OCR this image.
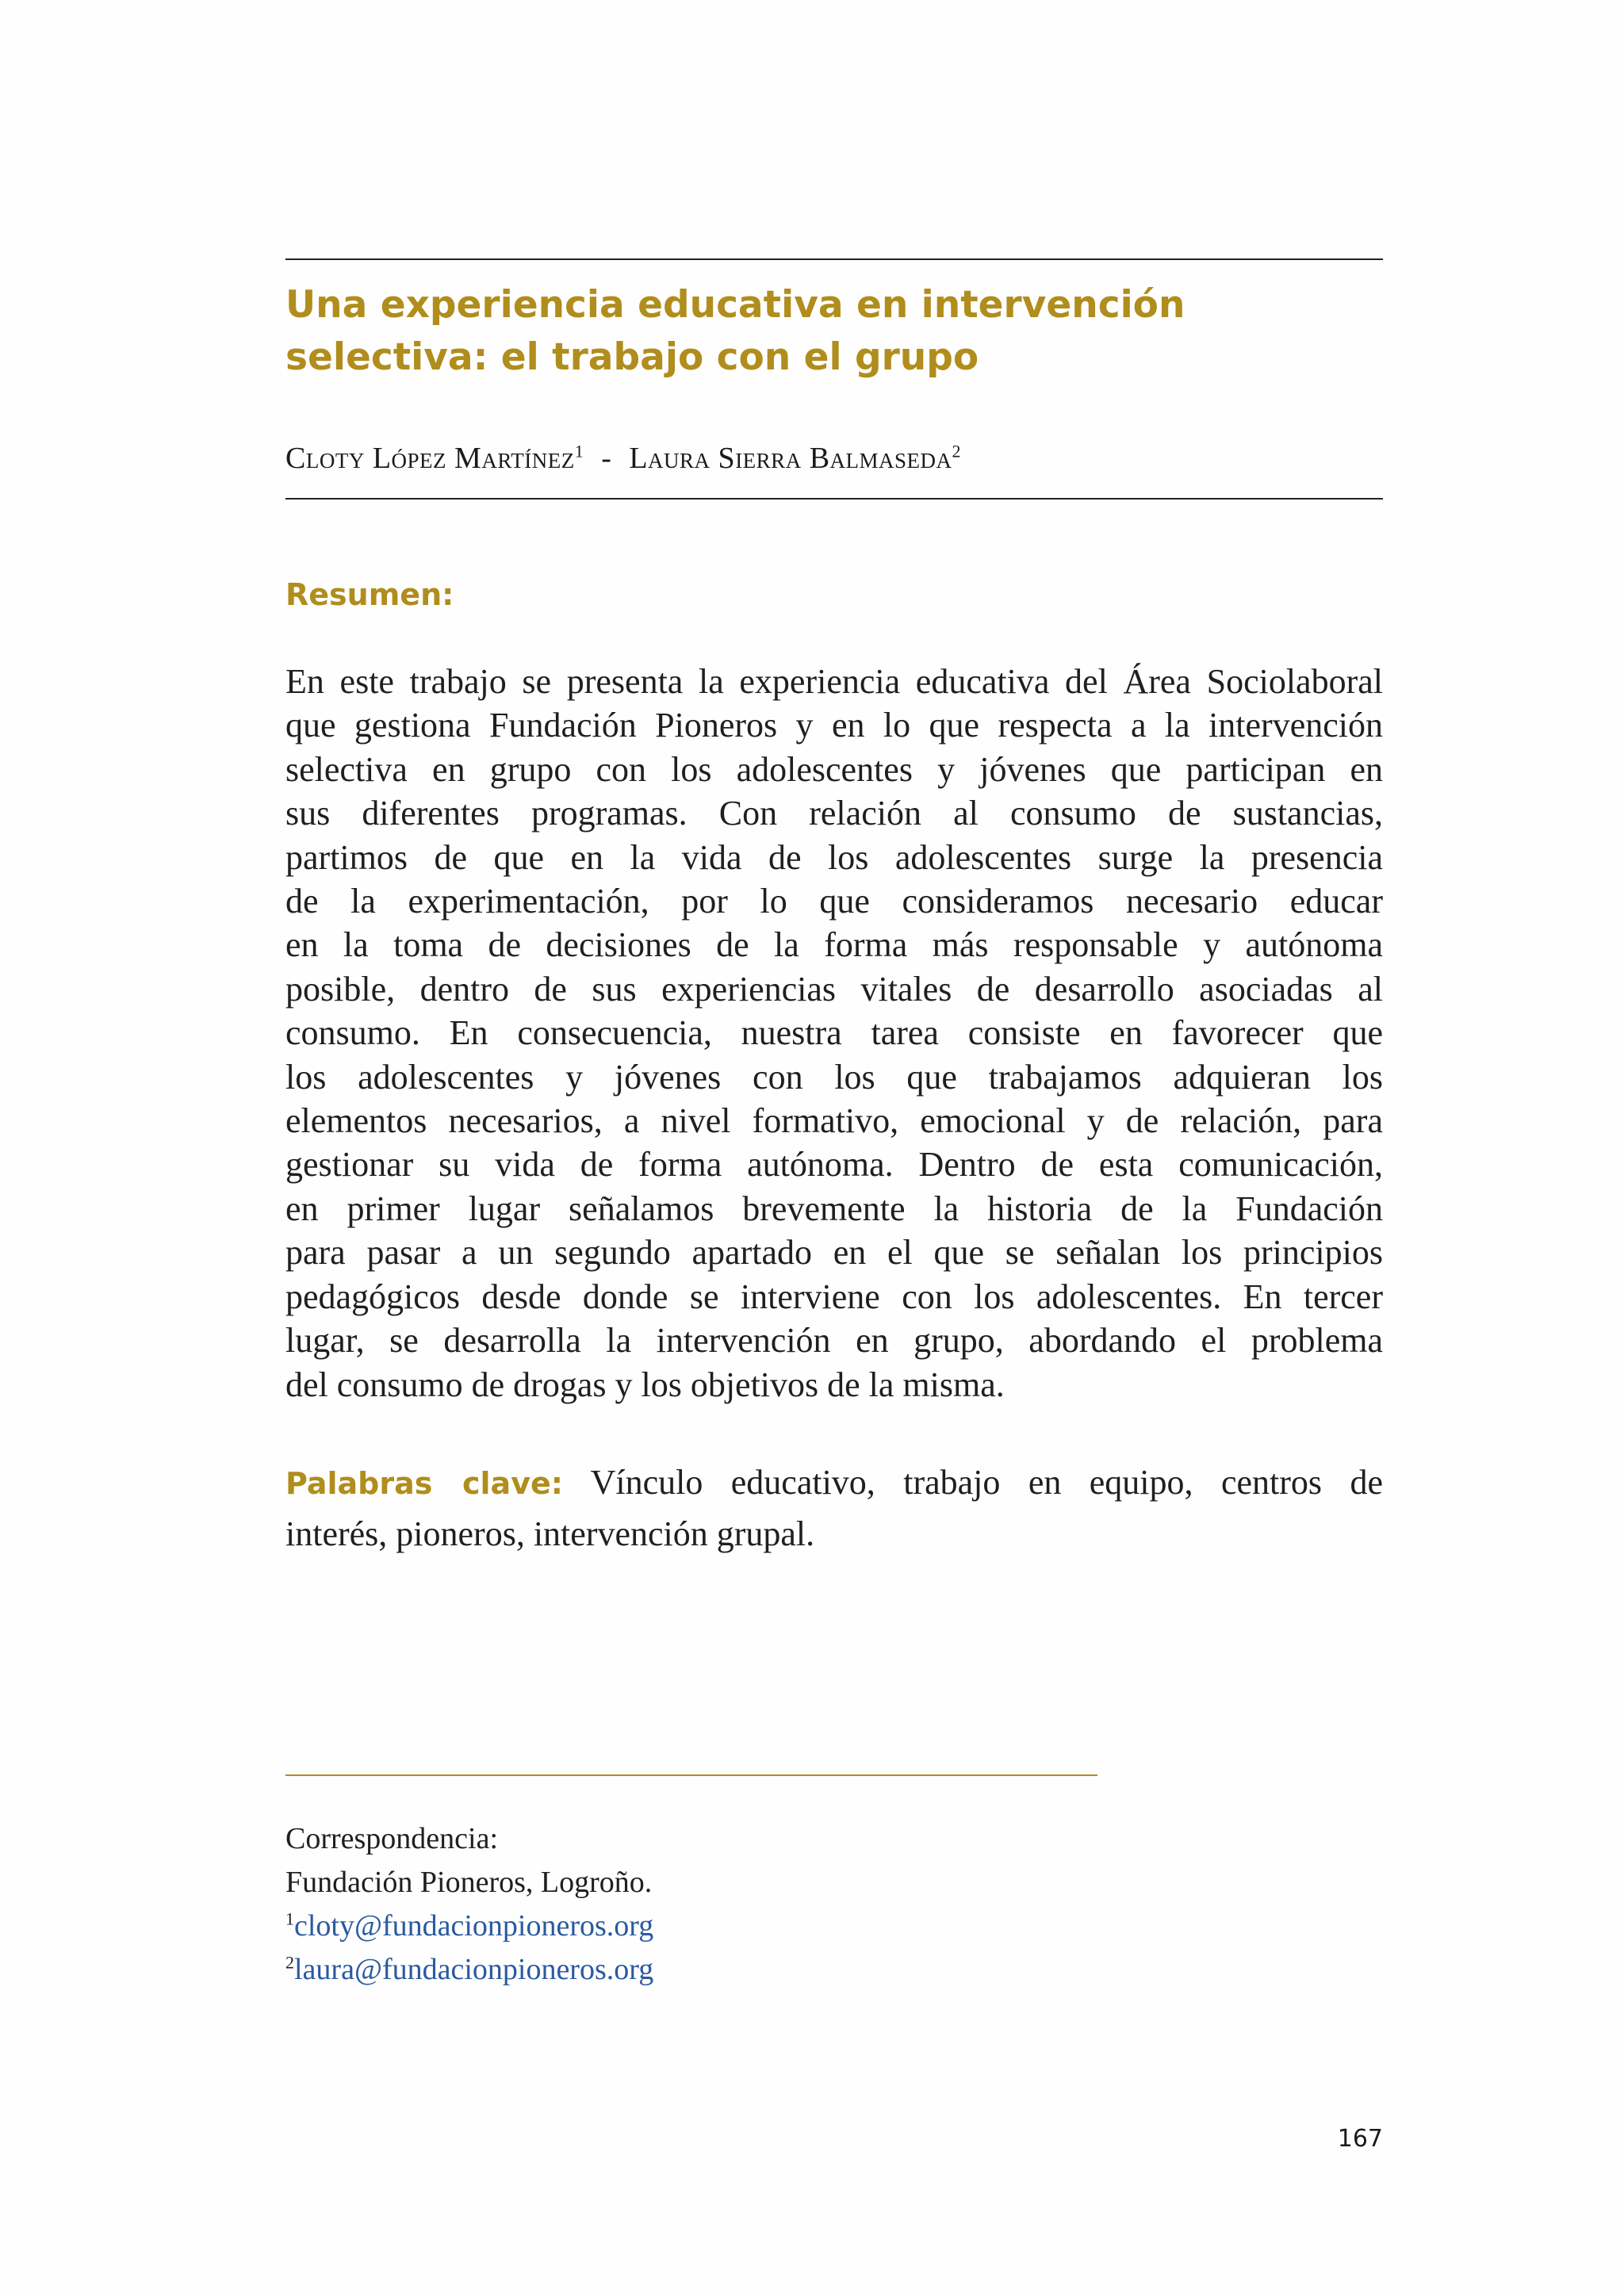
Una experiencia educativa en intervención
selectiva: el trabajo con el grupo
Cloty López Martínez$^1$ - Laura Sierra Balmaseda$^2$
Resumen:
En este trabajo se presenta la experiencia educativa del Área Sociolaboral
que gestiona Fundación Pioneros y en lo que respecta a la intervención
selectiva en grupo con los adolescentes y jóvenes que participan en
sus diferentes programas. Con relación al consumo de sustancias,
partimos de que en la vida de los adolescentes surge la presencia
de la experimentación, por lo que consideramos necesario educar
en la toma de decisiones de la forma más responsable y autónoma
posible, dentro de sus experiencias vitales de desarrollo asociadas al
consumo. En consecuencia, nuestra tarea consiste en favorecer que
los adolescentes y jóvenes con los que trabajamos adquieran los
elementos necesarios, a nivel formativo, emocional y de relación, para
gestionar su vida de forma autónoma. Dentro de esta comunicación,
en primer lugar señalamos brevemente la historia de la Fundación
para pasar a un segundo apartado en el que se señalan los principios
pedagógicos desde donde se interviene con los adolescentes. En tercer
lugar, se desarrolla la intervención en grupo, abordando el problema
del consumo de drogas y los objetivos de la misma.
Palabras clave: Vínculo educativo, trabajo en equipo, centros de
interés, pioneros, intervención grupal.
Correspondencia:
Fundación Pioneros, Logroño.
$^1$cloty@fundacionpioneros.org
$^2$laura@fundacionpioneros.org
167
